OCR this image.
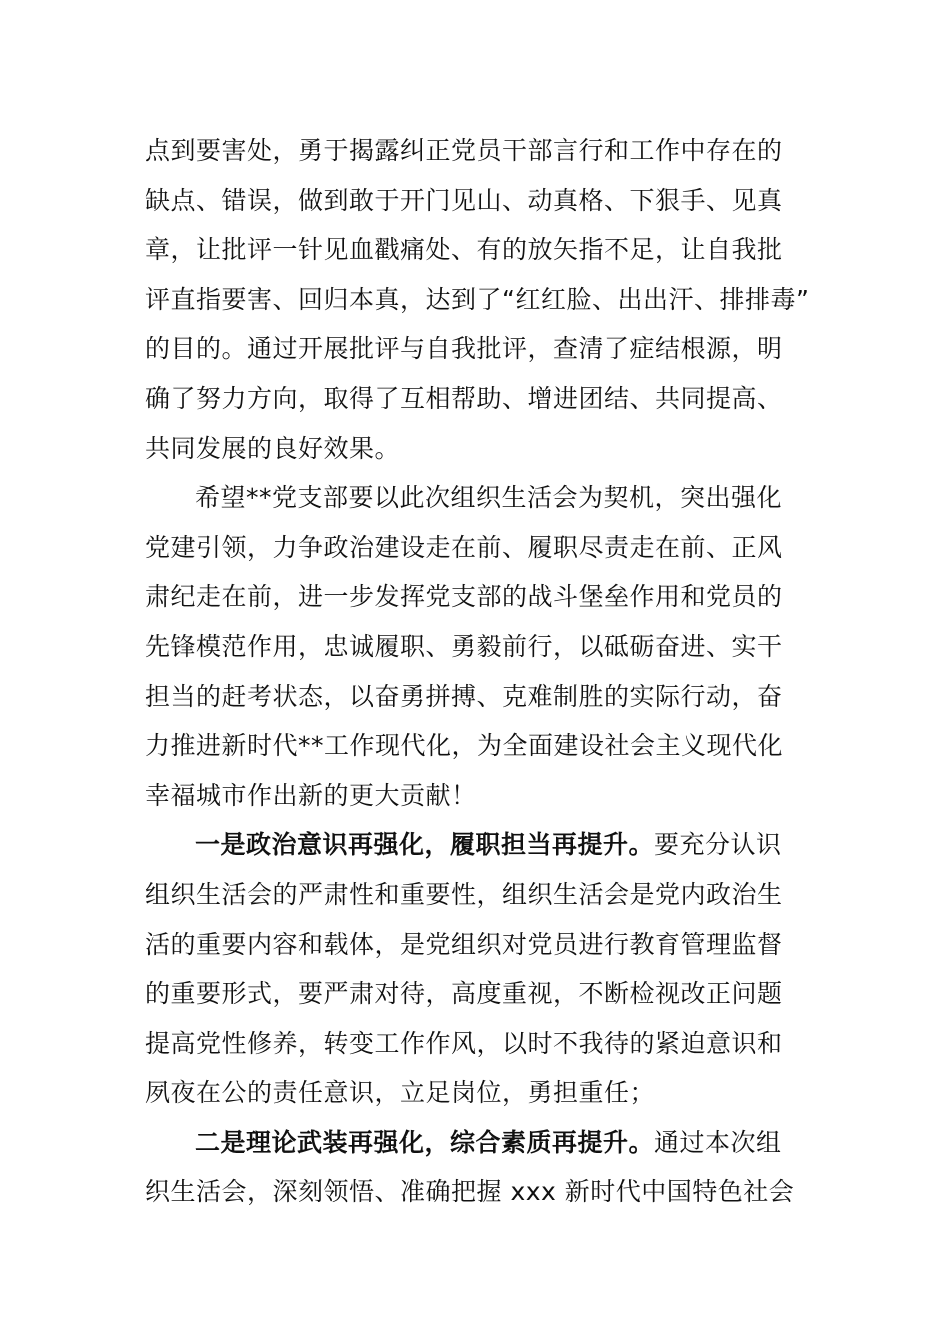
点到要害处，勇于揭露纠正党员干部言行和工作中存在的
缺点、错误，做到敢于开门见山、动真格、下狠手、见真
章，让批评一针见血戳痛处、有的放矢指不足，让自我批
评直指要害、回归本真，达到了“红红脸、出出汗、排排毒”
的目的。通过开展批评与自我批评，查清了症结根源，明
确了努力方向，取得了互相帮助、增进团结、共同提高、
共同发展的良好效果。
希望**党支部要以此次组织生活会为契机，突出强化
党建引领，力争政治建设走在前、履职尽责走在前、正风
肃纪走在前，进一步发挥党支部的战斗堡垒作用和党员的
先锋模范作用，忠诚履职、勇毅前行，以砥砺奋进、实干
担当的赶考状态，以奋勇拼搏、克难制胜的实际行动，奋
力推进新时代**工作现代化，为全面建设社会主义现代化
幸福城市作出新的更大贡献！
一是政治意识再强化，履职担当再提升。要充分认识
组织生活会的严肃性和重要性，组织生活会是党内政治生
活的重要内容和载体，是党组织对党员进行教育管理监督
的重要形式，要严肃对待，高度重视，不断检视改正问题
提高党性修养，转变工作作风，以时不我待的紧迫意识和
夙夜在公的责任意识，立足岗位，勇担重任；
二是理论武装再强化，综合素质再提升。通过本次组
织生活会，深刻领悟、准确把握 xxx 新时代中国特色社会
